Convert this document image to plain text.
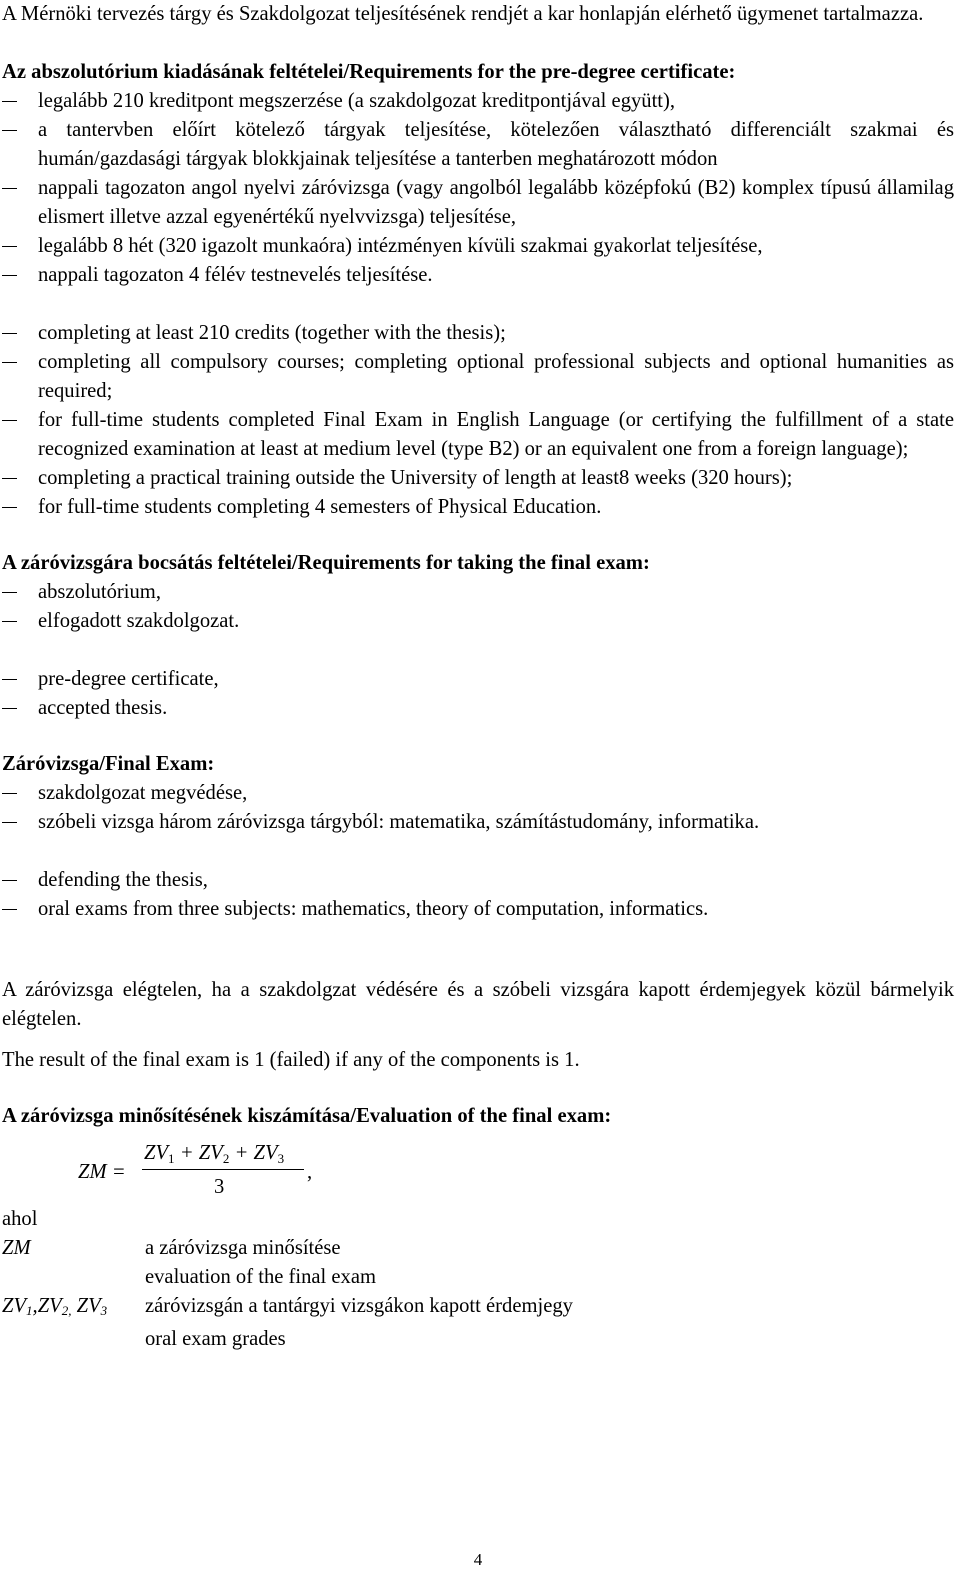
A Mérnöki tervezés tárgy és Szakdolgozat teljesítésének rendjét a kar honlapján elérhető ügymenet tartalmazza.

Az abszolutórium kiadásának feltételei/Requirements for the pre-degree certificate:

legalább 210 kreditpont megszerzése (a szakdolgozat kreditpontjával együtt),
a tantervben előírt kötelező tárgyak teljesítése, kötelezően választható differenciált szakmai és humán/gazdasági tárgyak blokkjainak teljesítése a tanterben meghatározott módon
nappali tagozaton angol nyelvi záróvizsga (vagy angolból legalább középfokú (B2) komplex típusú államilag elismert illetve azzal egyenértékű nyelvvizsga) teljesítése,
legalább 8 hét (320 igazolt munkaóra) intézményen kívüli szakmai gyakorlat teljesítése,
nappali tagozaton 4 félév testnevelés teljesítése.
completing at least 210 credits (together with the thesis);
completing all compulsory courses; completing optional professional subjects and optional humanities as required;
for full-time students completed Final Exam in English Language (or certifying the fulfillment of a state recognized examination at least at medium level (type B2) or an equivalent one from a foreign language);
completing a practical training outside the University of length at least8 weeks (320 hours);
for full-time students completing 4 semesters of Physical Education.

A záróvizsgára bocsátás feltételei/Requirements for taking the final exam:

abszolutórium,
elfogadott szakdolgozat.
pre-degree certificate,
accepted thesis.

Záróvizsga/Final Exam:

szakdolgozat megvédése,
szóbeli vizsga három záróvizsga tárgyból: matematika, számítástudomány, informatika.
defending the thesis,
oral exams from three subjects: mathematics, theory of computation, informatics.

A záróvizsga elégtelen, ha a szakdolgzat védésére és a szóbeli vizsgára kapott érdemjegyek közül bármelyik elégtelen.

The result of the final exam is 1 (failed) if any of the components is 1.

A záróvizsga minősítésének kiszámítása/Evaluation of the final exam:

ZM =
$ZV_1 + ZV_2 + ZV_3$
3
,

ahol

ZM	a záróvizsga minősítése
evaluation of the final exam
$ZV_1,ZV_{2,}$ $ZV_3$	záróvizsgán a tantárgyi vizsgákon kapott érdemjegy
oral exam grades
4
